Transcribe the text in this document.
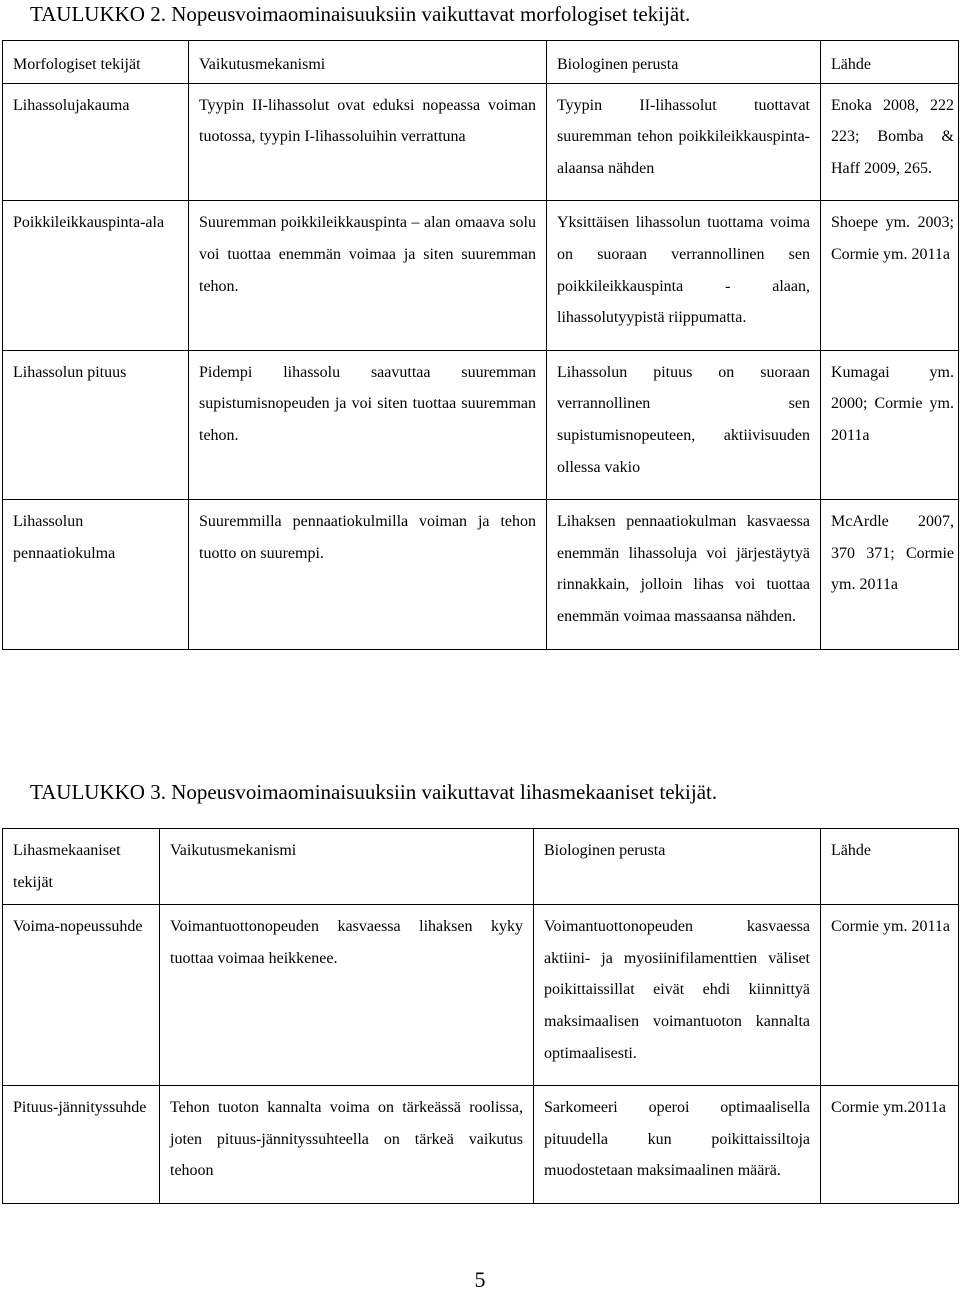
TAULUKKO 2. Nopeusvoimaominaisuuksiin vaikuttavat morfologiset tekijät.
Morfologiset tekijät	Vaikutusmekanismi	Biologinen perusta	Lähde
Lihassolujakauma	Tyypin II-lihassolut ovat eduksi nopeassa voiman tuotossa, tyypin I-lihassoluihin verrattuna	Tyypin II-lihassolut tuottavat suuremman tehon poikkileikkauspinta-alaansa nähden	Enoka 2008, 222 223; Bomba & Haff 2009, 265.
Poikkileikkauspinta-ala	Suuremman poikkileikkauspinta – alan omaava solu voi tuottaa enemmän voimaa ja siten suuremman tehon.	Yksittäisen lihassolun tuottama voima on suoraan verrannollinen sen poikkileikkauspinta - alaan, lihassolutyypistä riippumatta.	Shoepe ym. 2003; Cormie ym. 2011a
Lihassolun pituus	Pidempi lihassolu saavuttaa suuremman supistumisnopeuden ja voi siten tuottaa suuremman tehon.	Lihassolun pituus on suoraan verrannollinen sen supistumisnopeuteen, aktiivisuuden ollessa vakio	Kumagai ym. 2000; Cormie ym. 2011a
Lihassolun pennaatiokulma	Suuremmilla pennaatiokulmilla voiman ja tehon tuotto on suurempi.	Lihaksen pennaatiokulman kasvaessa enemmän lihassoluja voi järjestäytyä rinnakkain, jolloin lihas voi tuottaa enemmän voimaa massaansa nähden.	McArdle 2007, 370 371; Cormie ym. 2011a
TAULUKKO 3. Nopeusvoimaominaisuuksiin vaikuttavat lihasmekaaniset tekijät.
Lihasmekaaniset tekijät	Vaikutusmekanismi	Biologinen perusta	Lähde
Voima-nopeussuhde	Voimantuottonopeuden kasvaessa lihaksen kyky tuottaa voimaa heikkenee.	Voimantuottonopeuden kasvaessa aktiini- ja myosiinifilamenttien väliset poikittaissillat eivät ehdi kiinnittyä maksimaalisen voimantuoton kannalta optimaalisesti.	Cormie ym. 2011a
Pituus-jännityssuhde	Tehon tuoton kannalta voima on tärkeässä roolissa, joten pituus-jännityssuhteella on tärkeä vaikutus tehoon	Sarkomeeri operoi optimaalisella pituudella kun poikittaissiltoja muodostetaan maksimaalinen määrä.	Cormie ym.2011a
5
